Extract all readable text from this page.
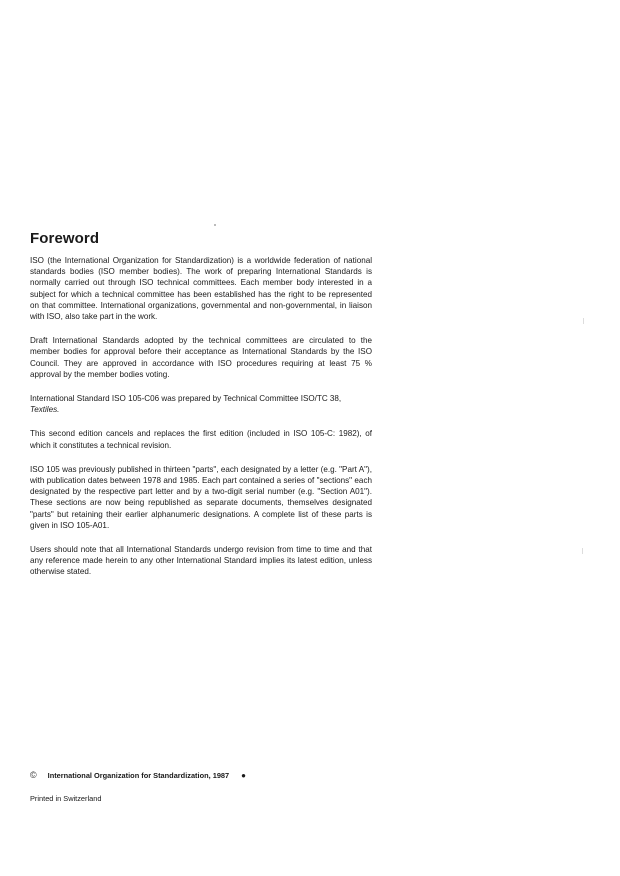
Foreword

ISO (the International Organization for Standardization) is a worldwide federation of national standards bodies (ISO member bodies). The work of preparing International Standards is normally carried out through ISO technical committees. Each member body interested in a subject for which a technical committee has been established has the right to be represented on that committee. International organizations, governmental and non-governmental, in liaison with ISO, also take part in the work.

Draft International Standards adopted by the technical committees are circulated to the member bodies for approval before their acceptance as International Standards by the ISO Council. They are approved in accordance with ISO procedures requiring at least 75 % approval by the member bodies voting.

International Standard ISO 105-C06 was prepared by Technical Committee ISO/TC 38,
Textiles.

This second edition cancels and replaces the first edition (included in ISO 105-C: 1982), of which it constitutes a technical revision.

ISO 105 was previously published in thirteen "parts", each designated by a letter (e.g. "Part A"), with publication dates between 1978 and 1985. Each part contained a series of "sections" each designated by the respective part letter and by a two-digit serial number (e.g. "Section A01"). These sections are now being republished as separate documents, themselves designated "parts" but retaining their earlier alphanumeric designations. A complete list of these parts is given in ISO 105-A01.

Users should note that all International Standards undergo revision from time to time and that any reference made herein to any other International Standard implies its latest edition, unless otherwise stated.

© International Organization for Standardization, 1987 ●
Printed in Switzerland
